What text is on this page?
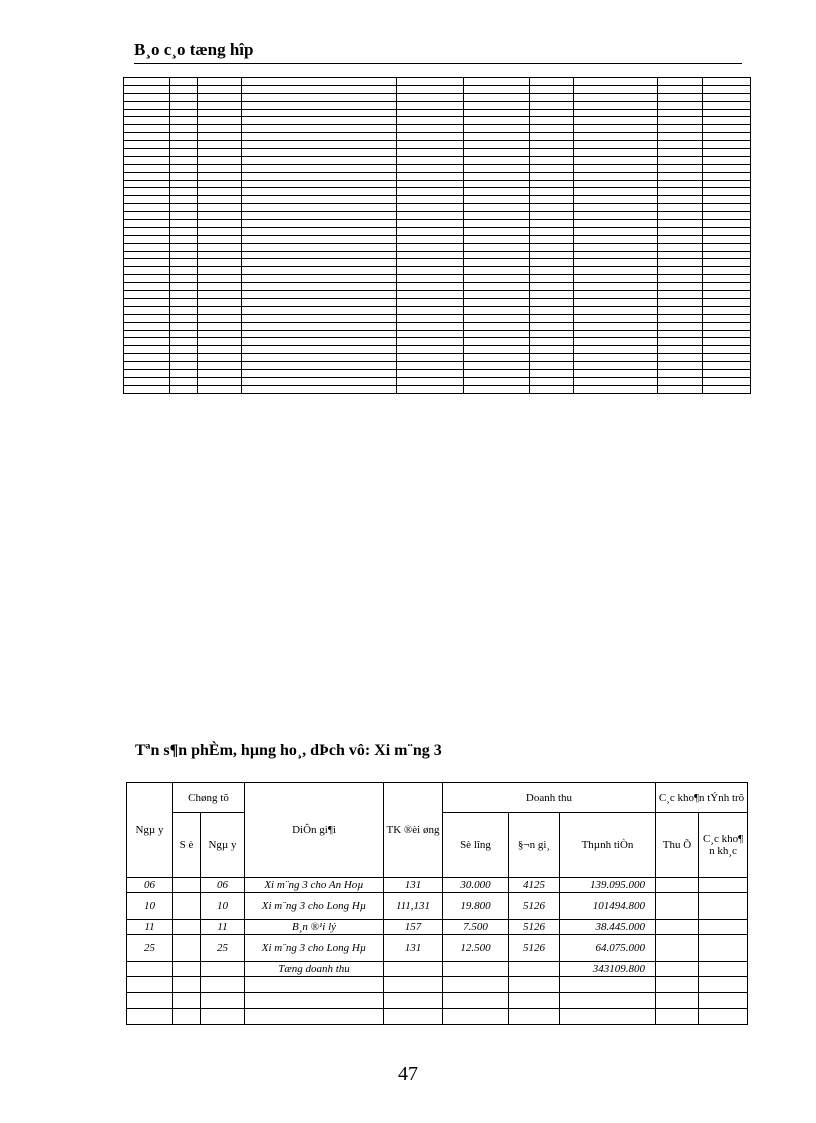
B¸o c¸o tæng hîp

Tªn s¶n phÈm, hµng ho¸, dÞch vô: Xi m¨ng 3
Ngµ y	Chøng tõ		DiÔn gi¶i	TK ®èi øng	Doanh thu			C¸c kho¶n tÝnh trõ	
	S è	Ngµ y			Sè lîng	§¬n gi¸	Thµnh tiÒn	Thu Õ	C¸c kho¶ n kh¸c
06		06	Xi m¨ng 3 cho An Hoµ	131	30.000	4125	139.095.000		
10		10	Xi m¨ng 3 cho Long Hµ	111,131	19.800	5126	101494.800		
11		11	B¸n ®¹i lý	157	7.500	5126	38.445.000		
25		25	Xi m¨ng 3 cho Long Hµ	131	12.500	5126	64.075.000		
			Tæng doanh thu				343109.800		

47
